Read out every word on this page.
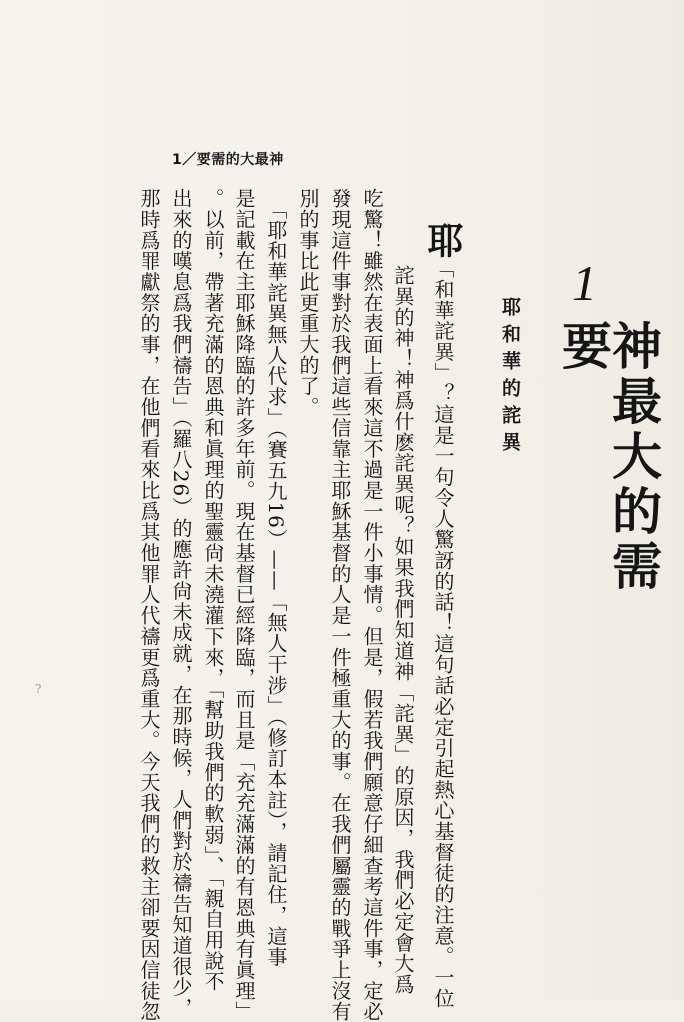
1／要需的大最神
1
神最大的需要
耶和華的詫異
耶「和華詫異」？這是一句令人驚訝的話！這句話必定引起熱心基督徒的注意。一位
詫異的神！神爲什麽詫異呢？如果我們知道神「詫異」的原因，我們必定會大爲
吃驚！雖然在表面上看來這不過是一件小事情。但是，假若我們願意仔細查考這件事，定必
發現這件事對於我們這些信靠主耶穌基督的人是一件極重大的事。在我們屬靈的戰爭上沒有
別的事比此更重大的了。
　「耶和華詫異無人代求」（賽五九16）——「無人干涉」（修訂本註），請記住，這事
是記載在主耶穌降臨的許多年前。現在基督已經降臨，而且是「充充滿滿的有恩典有眞理」
。以前，帶著充滿的恩典和眞理的聖靈尙未澆灌下來，「幫助我們的軟弱」、「親自用說不
出來的嘆息爲我們禱告」（羅八26）的應許尙未成就，在那時候，人們對於禱告知道很少，
那時爲罪獻祭的事，在他們看來比爲其他罪人代禱更爲重大。今天我們的救主卻要因信徒忽
?
